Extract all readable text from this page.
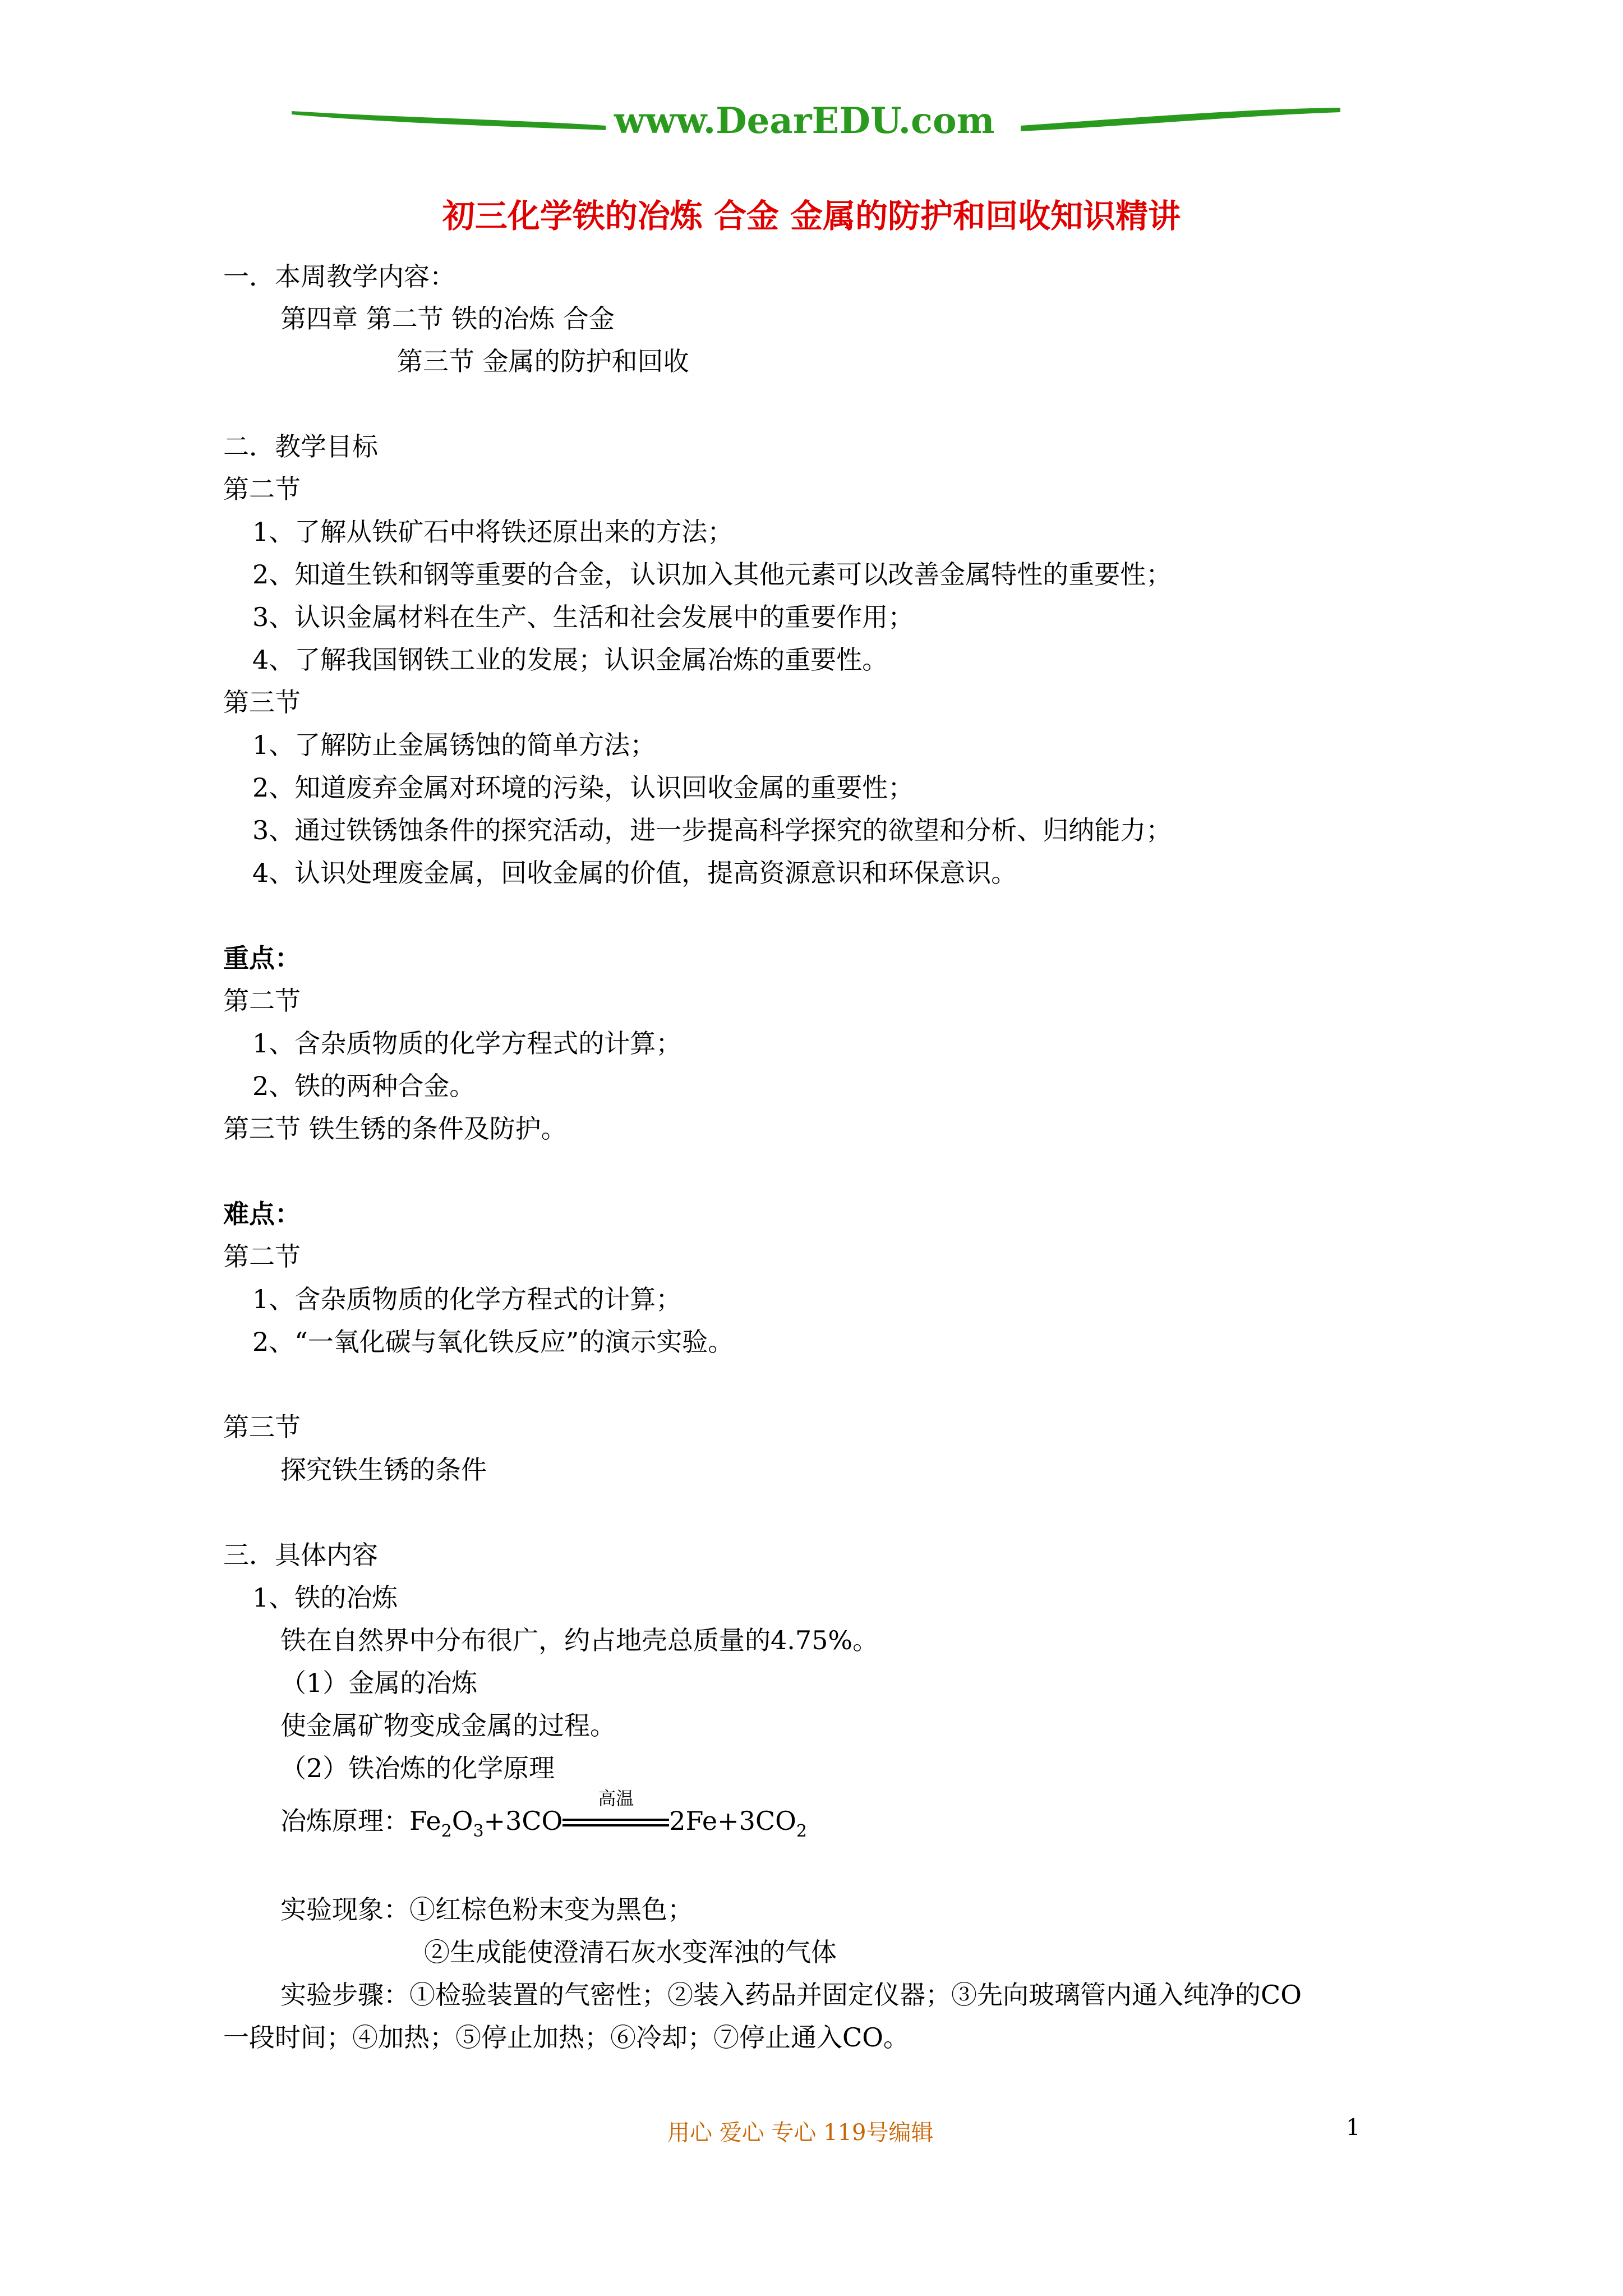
www.DearEDU.com
初三化学铁的冶炼 合金 金属的防护和回收知识精讲
一．本周教学内容：
第四章 第二节 铁的冶炼 合金
第三节 金属的防护和回收
二．教学目标
第二节
1、了解从铁矿石中将铁还原出来的方法；
2、知道生铁和钢等重要的合金，认识加入其他元素可以改善金属特性的重要性；
3、认识金属材料在生产、生活和社会发展中的重要作用；
4、了解我国钢铁工业的发展；认识金属冶炼的重要性。
第三节
1、了解防止金属锈蚀的简单方法；
2、知道废弃金属对环境的污染，认识回收金属的重要性；
3、通过铁锈蚀条件的探究活动，进一步提高科学探究的欲望和分析、归纳能力；
4、认识处理废金属，回收金属的价值，提高资源意识和环保意识。
重点：
第二节
1、含杂质物质的化学方程式的计算；
2、铁的两种合金。
第三节 铁生锈的条件及防护。
难点：
第二节
1、含杂质物质的化学方程式的计算；
2、“一氧化碳与氧化铁反应”的演示实验。
第三节
探究铁生锈的条件
三．具体内容
1、铁的冶炼
铁在自然界中分布很广，约占地壳总质量的4.75%。
（1）金属的冶炼
使金属矿物变成金属的过程。
（2）铁冶炼的化学原理
冶炼原理：$Fe_2O_3+3CO$
高温
$2Fe+3CO_2$
实验现象：①红棕色粉末变为黑色；
②生成能使澄清石灰水变浑浊的气体
实验步骤：①检验装置的气密性；②装入药品并固定仪器；③先向玻璃管内通入纯净的CO
一段时间；④加热；⑤停止加热；⑥冷却；⑦停止通入CO。
用心 爱心 专心 119号编辑	1
